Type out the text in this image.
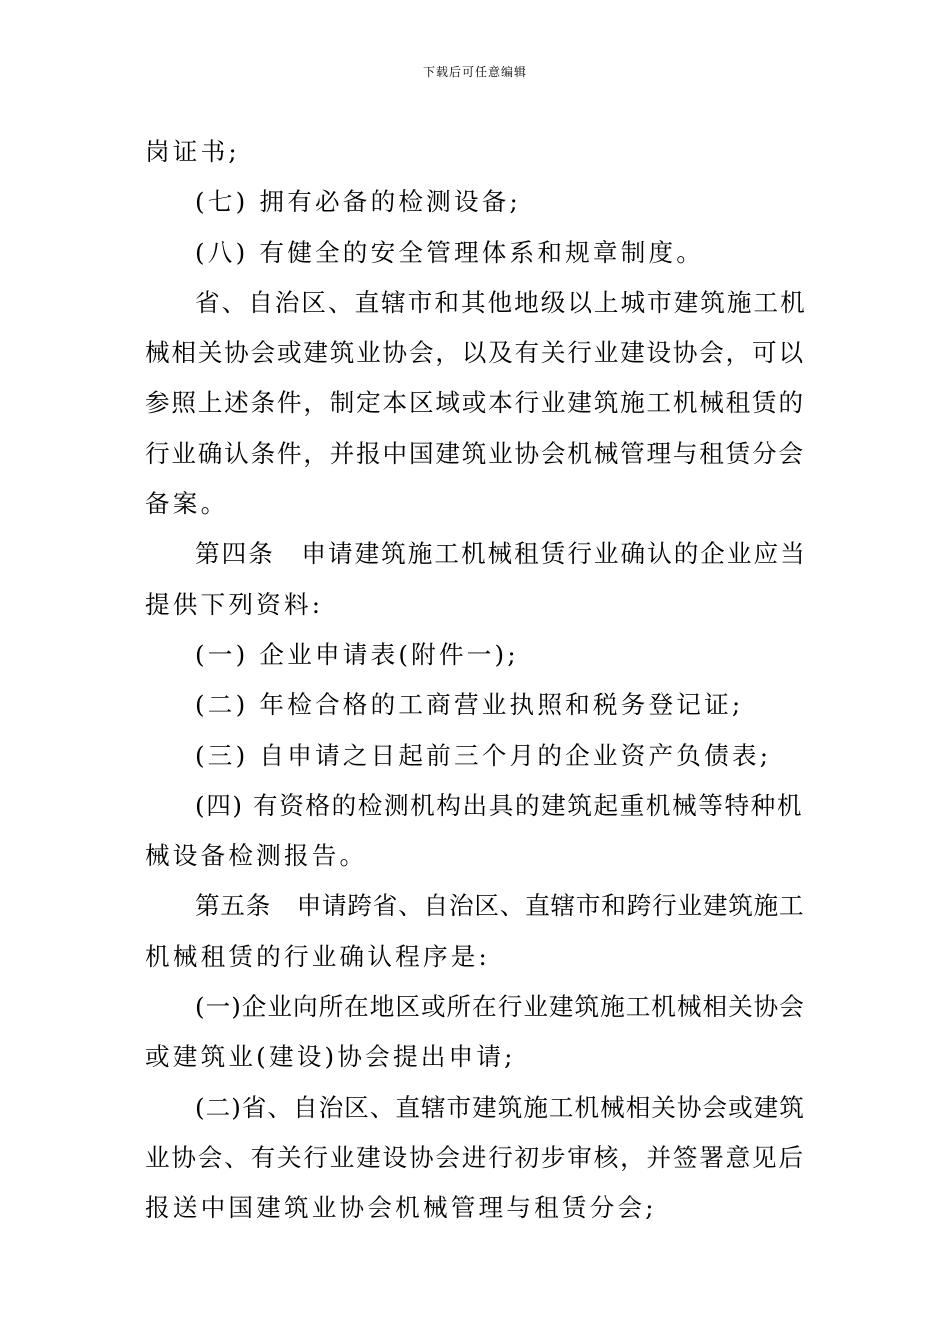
下载后可任意编辑

岗证书;

(七) 拥有必备的检测设备;

(八) 有健全的安全管理体系和规章制度。

省、自治区、直辖市和其他地级以上城市建筑施工机

械相关协会或建筑业协会，以及有关行业建设协会，可以

参照上述条件，制定本区域或本行业建筑施工机械租赁的

行业确认条件，并报中国建筑业协会机械管理与租赁分会

备案。

第四条　申请建筑施工机械租赁行业确认的企业应当

提供下列资料:

(一) 企业申请表(附件一);

(二) 年检合格的工商营业执照和税务登记证;

(三) 自申请之日起前三个月的企业资产负债表;

(四) 有资格的检测机构出具的建筑起重机械等特种机

械设备检测报告。

第五条　申请跨省、自治区、直辖市和跨行业建筑施工

机械租赁的行业确认程序是:

(一)企业向所在地区或所在行业建筑施工机械相关协会

或建筑业(建设)协会提出申请;

(二)省、自治区、直辖市建筑施工机械相关协会或建筑

业协会、有关行业建设协会进行初步审核，并签署意见后

报送中国建筑业协会机械管理与租赁分会;
